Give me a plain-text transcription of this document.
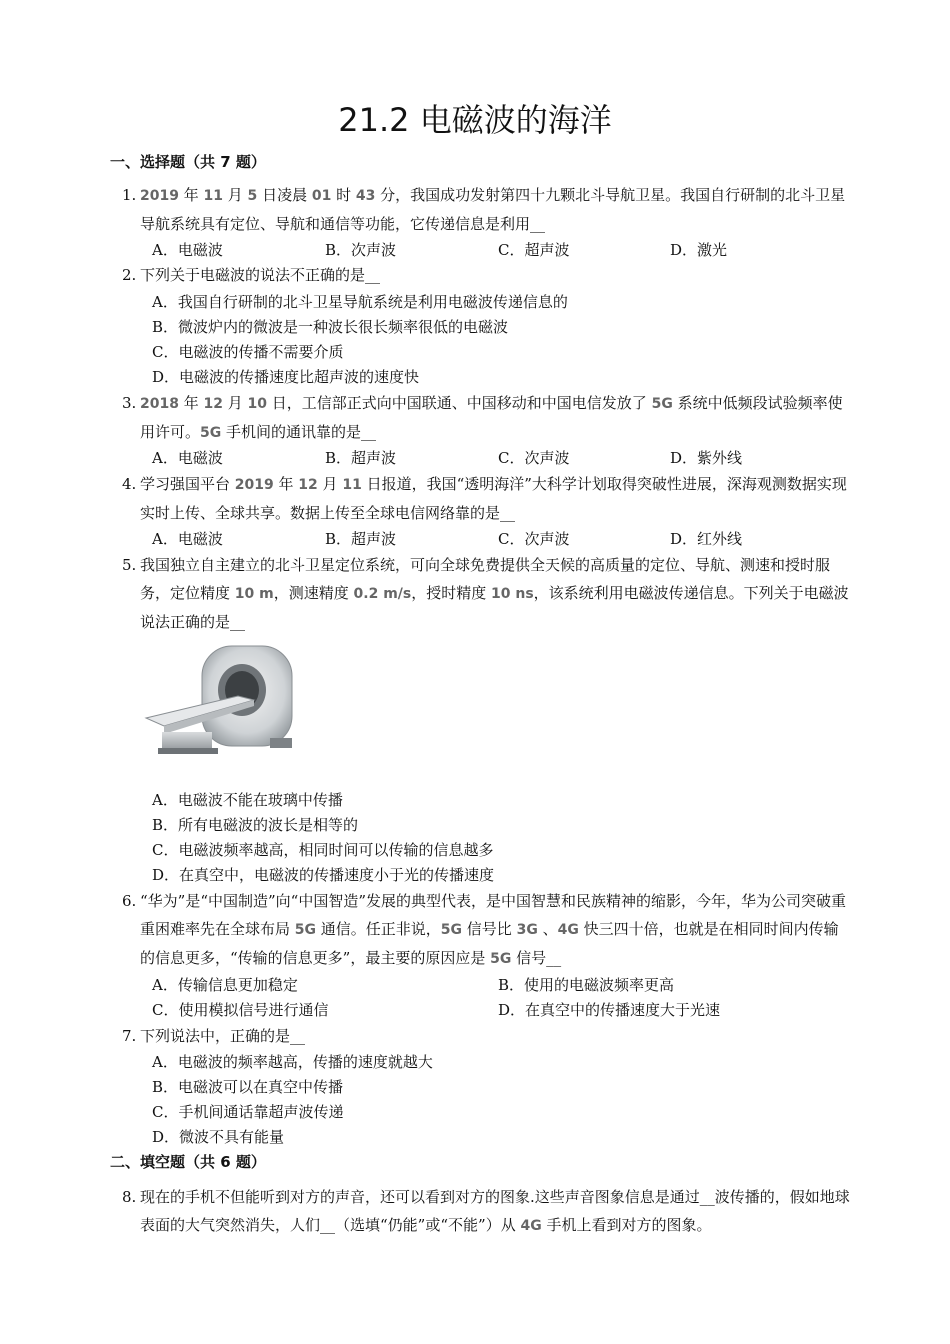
21.2 电磁波的海洋
一、选择题（共 7 题）
1. 2019 年 11 月 5 日凌晨 01 时 43 分，我国成功发射第四十九颗北斗导航卫星。我国自行研制的北斗卫星导航系统具有定位、导航和通信等功能，它传递信息是利用__
A．电磁波	B．次声波	C．超声波	D．激光
2. 下列关于电磁波的说法不正确的是__
A．我国自行研制的北斗卫星导航系统是利用电磁波传递信息的
B．微波炉内的微波是一种波长很长频率很低的电磁波
C．电磁波的传播不需要介质
D．电磁波的传播速度比超声波的速度快
3. 2018 年 12 月 10 日，工信部正式向中国联通、中国移动和中国电信发放了 5G 系统中低频段试验频率使用许可。5G 手机间的通讯靠的是__
A．电磁波	B．超声波	C．次声波	D．紫外线
4. 学习强国平台 2019 年 12 月 11 日报道，我国“透明海洋”大科学计划取得突破性进展，深海观测数据实现实时上传、全球共享。数据上传至全球电信网络靠的是__
A．电磁波	B．超声波	C．次声波	D．红外线
5. 我国独立自主建立的北斗卫星定位系统，可向全球免费提供全天候的高质量的定位、导航、测速和授时服务，定位精度 10 m，测速精度 0.2 m/s，授时精度 10 ns，该系统利用电磁波传递信息。下列关于电磁波说法正确的是__
A．电磁波不能在玻璃中传播
B．所有电磁波的波长是相等的
C．电磁波频率越高，相同时间可以传输的信息越多
D．在真空中，电磁波的传播速度小于光的传播速度
6. “华为”是“中国制造”向“中国智造”发展的典型代表，是中国智慧和民族精神的缩影，今年，华为公司突破重重困难率先在全球布局 5G 通信。任正非说，5G 信号比 3G 、4G 快三四十倍，也就是在相同时间内传输的信息更多，“传输的信息更多”，最主要的原因应是 5G 信号__
A．传输信息更加稳定	B．使用的电磁波频率更高
C．使用模拟信号进行通信	D．在真空中的传播速度大于光速
7. 下列说法中，正确的是__
A．电磁波的频率越高，传播的速度就越大
B．电磁波可以在真空中传播
C．手机间通话靠超声波传递
D．微波不具有能量
二、填空题（共 6 题）
8. 现在的手机不但能听到对方的声音，还可以看到对方的图象.这些声音图象信息是通过__波传播的，假如地球表面的大气突然消失，人们__（选填“仍能”或“不能”）从 4G 手机上看到对方的图象。
